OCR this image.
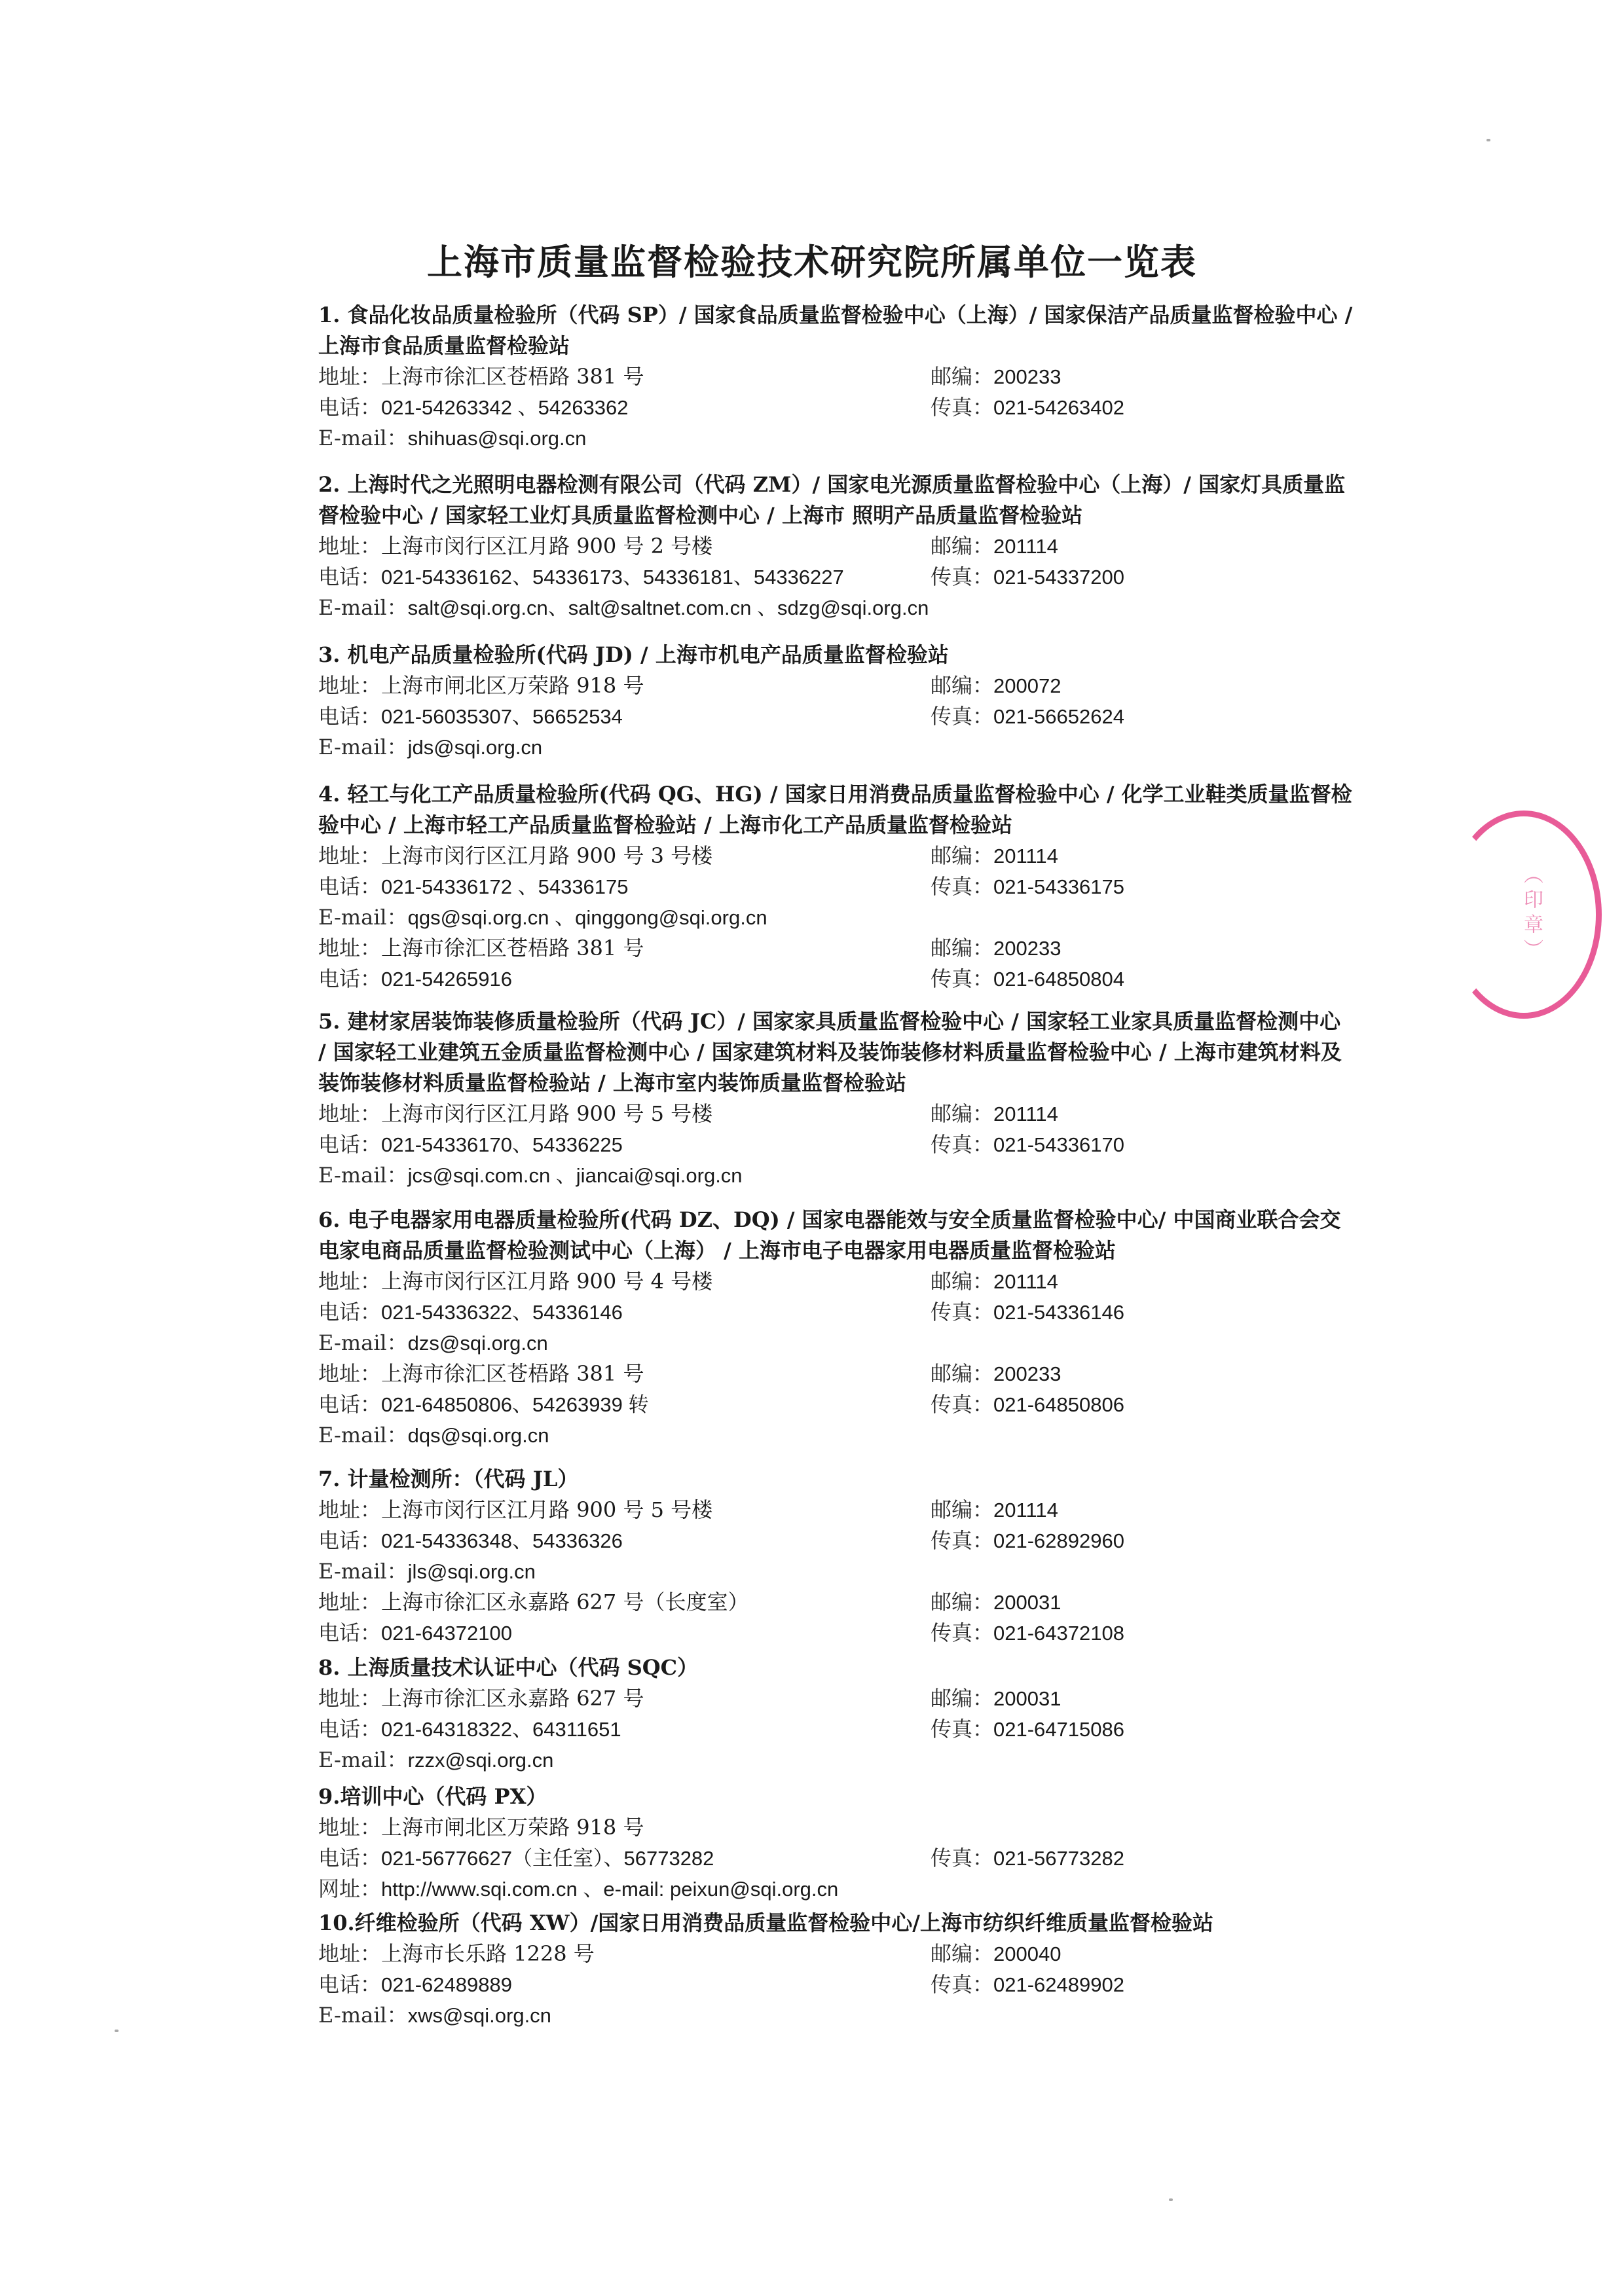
上海市质量监督检验技术研究院所属单位一览表

1. 食品化妆品质量检验所（代码 SP）/ 国家食品质量监督检验中心（上海）/ 国家保洁产品质量监督检验中心 / 上海市食品质量监督检验站

地址：上海市徐汇区苍梧路 381 号	邮编：200233
电话：021-54263342 、54263362	传真：021-54263402
E-mail：shihuas@sqi.org.cn

2. 上海时代之光照明电器检测有限公司（代码 ZM）/ 国家电光源质量监督检验中心（上海）/ 国家灯具质量监督检验中心 / 国家轻工业灯具质量监督检测中心 / 上海市 照明产品质量监督检验站

地址：上海市闵行区江月路 900 号 2 号楼	邮编：201114
电话：021-54336162、54336173、54336181、54336227	传真：021-54337200
E-mail：salt@sqi.org.cn、salt@saltnet.com.cn 、sdzg@sqi.org.cn

3. 机电产品质量检验所(代码 JD) / 上海市机电产品质量监督检验站

地址：上海市闸北区万荣路 918 号	邮编：200072
电话：021-56035307、56652534	传真：021-56652624
E-mail：jds@sqi.org.cn

4. 轻工与化工产品质量检验所(代码 QG、HG) / 国家日用消费品质量监督检验中心 / 化学工业鞋类质量监督检验中心 / 上海市轻工产品质量监督检验站 / 上海市化工产品质量监督检验站

地址：上海市闵行区江月路 900 号 3 号楼	邮编：201114
电话：021-54336172 、54336175	传真：021-54336175
E-mail：qgs@sqi.org.cn 、qinggong@sqi.org.cn
地址：上海市徐汇区苍梧路 381 号	邮编：200233
电话：021-54265916	传真：021-64850804

5. 建材家居装饰装修质量检验所（代码 JC）/ 国家家具质量监督检验中心 / 国家轻工业家具质量监督检测中心 / 国家轻工业建筑五金质量监督检测中心 / 国家建筑材料及装饰装修材料质量监督检验中心 / 上海市建筑材料及装饰装修材料质量监督检验站 / 上海市室内装饰质量监督检验站

地址：上海市闵行区江月路 900 号 5 号楼	邮编：201114
电话：021-54336170、54336225	传真：021-54336170
E-mail：jcs@sqi.com.cn 、jiancai@sqi.org.cn

6. 电子电器家用电器质量检验所(代码 DZ、DQ) / 国家电器能效与安全质量监督检验中心/ 中国商业联合会交电家电商品质量监督检验测试中心（上海） / 上海市电子电器家用电器质量监督检验站

地址：上海市闵行区江月路 900 号 4 号楼	邮编：201114
电话：021-54336322、54336146	传真：021-54336146
E-mail：dzs@sqi.org.cn
地址：上海市徐汇区苍梧路 381 号	邮编：200233
电话：021-64850806、54263939 转	传真：021-64850806
E-mail：dqs@sqi.org.cn

7. 计量检测所：（代码 JL）

地址：上海市闵行区江月路 900 号 5 号楼	邮编：201114
电话：021-54336348、54336326	传真：021-62892960
E-mail：jls@sqi.org.cn
地址：上海市徐汇区永嘉路 627 号（长度室）	邮编：200031
电话：021-64372100	传真：021-64372108

8. 上海质量技术认证中心（代码 SQC）

地址：上海市徐汇区永嘉路 627 号	邮编：200031
电话：021-64318322、64311651	传真：021-64715086
E-mail：rzzx@sqi.org.cn

9.培训中心（代码 PX）

地址：上海市闸北区万荣路 918 号
电话：021-56776627（主任室）、56773282	传真：021-56773282
网址：http://www.sqi.com.cn 、e-mail: peixun@sqi.org.cn

10.纤维检验所（代码 XW）/国家日用消费品质量监督检验中心/上海市纺织纤维质量监督检验站

地址：上海市长乐路 1228 号	邮编：200040
电话：021-62489889	传真：021-62489902
E-mail：xws@sqi.org.cn
（印章）
